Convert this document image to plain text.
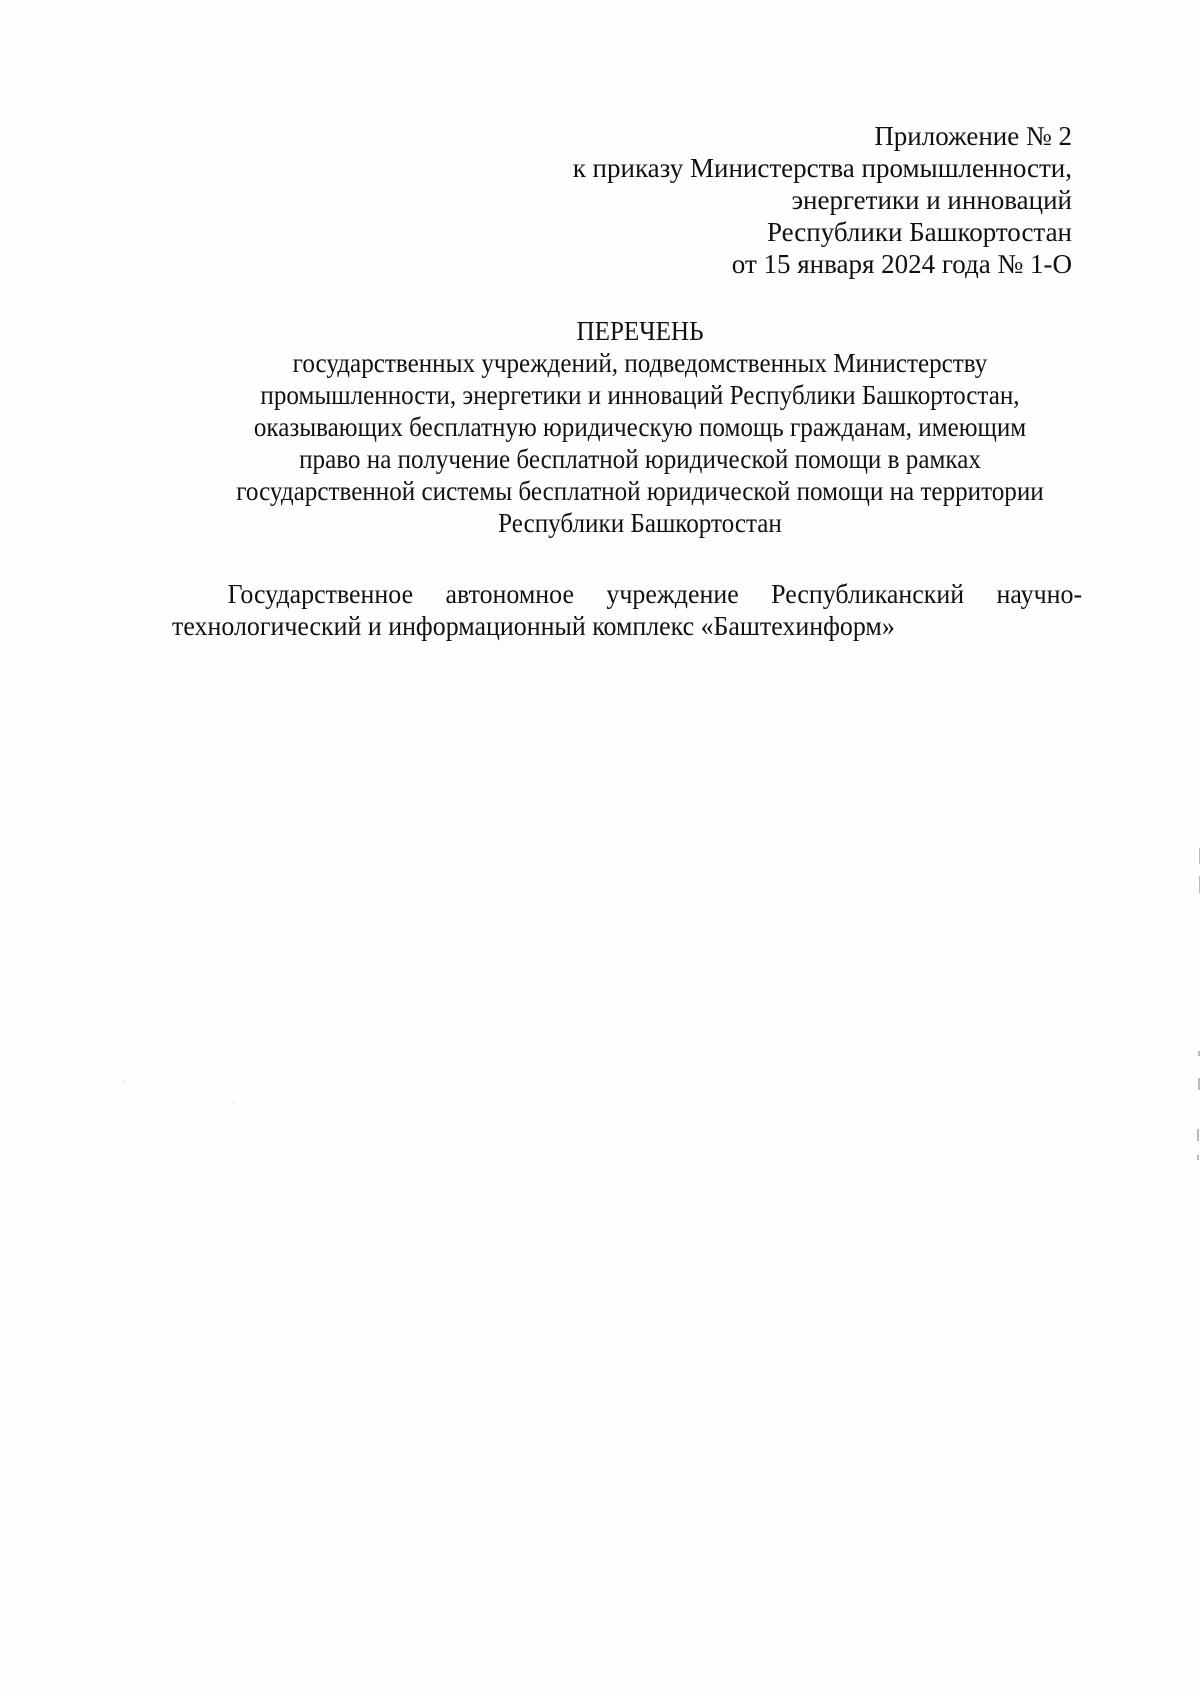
Приложение № 2
к приказу Министерства промышленности,
энергетики и инноваций
Республики Башкортостан
от 15 января 2024 года № 1-О
ПЕРЕЧЕНЬ
государственных учреждений, подведомственных Министерству
промышленности, энергетики и инноваций Республики Башкортостан,
оказывающих бесплатную юридическую помощь гражданам, имеющим
право на получение бесплатной юридической помощи в рамках
государственной системы бесплатной юридической помощи на территории
Республики Башкортостан
Государственное автономное учреждение Республиканский научно-технологический и информационный комплекс «Баштехинформ»
